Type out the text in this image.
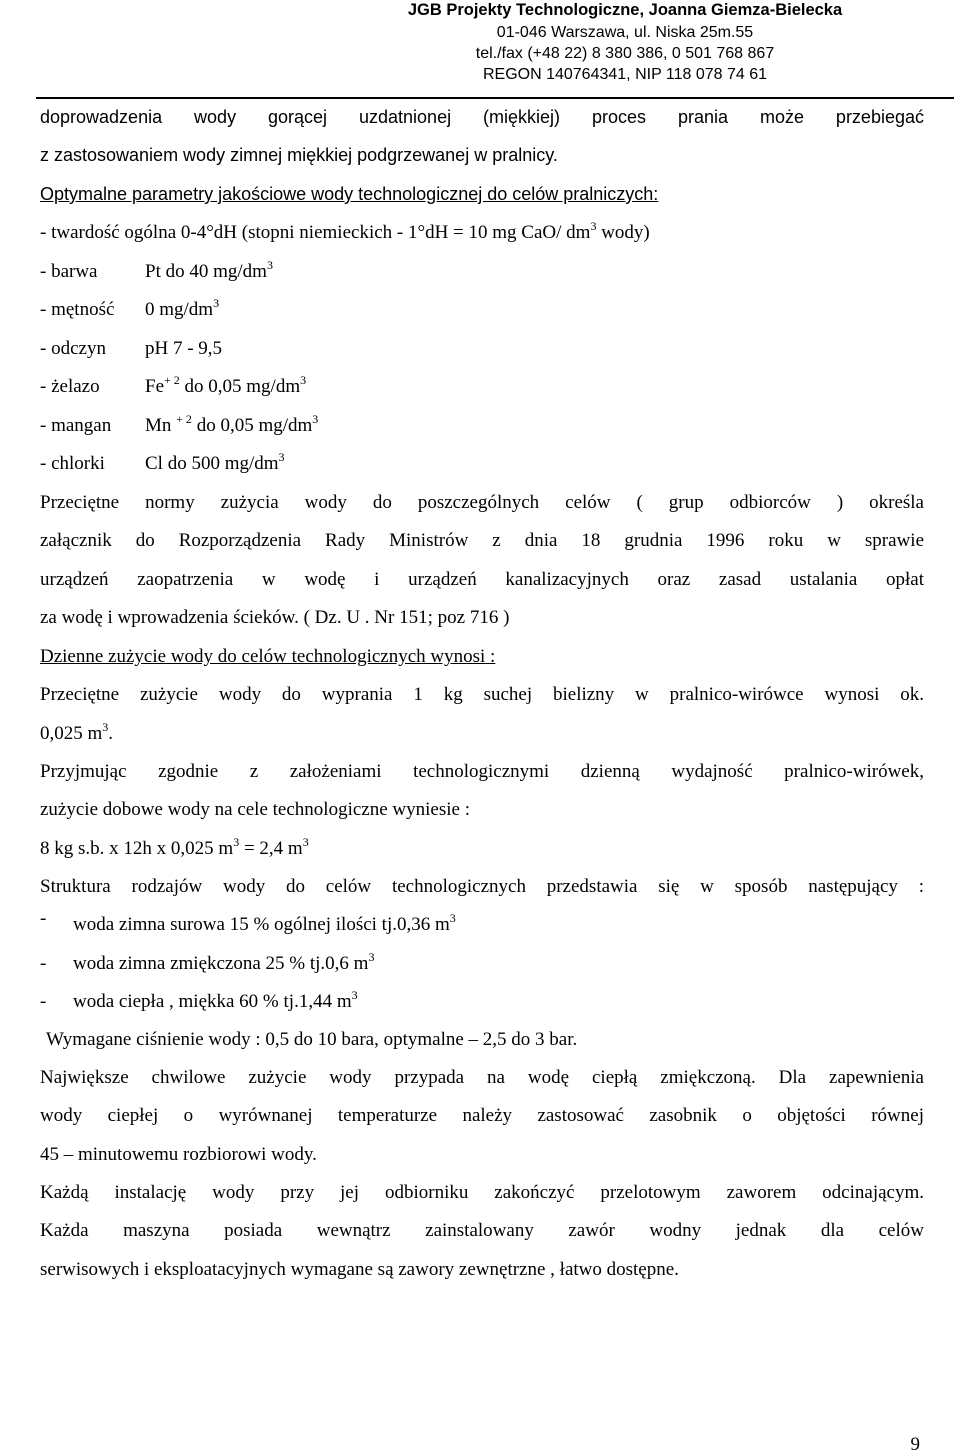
JGB Projekty Technologiczne, Joanna Giemza-Bielecka
01-046 Warszawa, ul. Niska 25m.55
tel./fax (+48 22) 8 380 386, 0 501 768 867
REGON 140764341, NIP 118 078 74 61
doprowadzenia wody gorącej uzdatnionej (miękkiej) proces prania może przebiegać
z zastosowaniem wody zimnej miękkiej podgrzewanej w pralnicy.
Optymalne parametry jakościowe wody technologicznej do celów pralniczych:
- twardość ogólna 0-4°dH (stopni niemieckich - 1°dH = 10 mg CaO/ $dm^3$ wody)
- barwa	Pt do 40 $mg/dm^3$
- mętność 0 $mg/dm^3$
- odczyn pH 7 - 9,5
- żelazo $Fe^{+ 2}$ do 0,05 $mg/dm^3$
- mangan Mn $^{+ 2}$ do 0,05 $mg/dm^3$
- chlorki Cl do 500 $mg/dm^3$
Przeciętne normy zużycia wody do poszczególnych celów ( grup odbiorców ) określa
załącznik do Rozporządzenia Rady Ministrów z dnia 18 grudnia 1996 roku w sprawie
urządzeń zaopatrzenia w wodę i urządzeń kanalizacyjnych oraz zasad ustalania opłat
za wodę i wprowadzenia ścieków. ( Dz. U . Nr 151; poz 716 )
Dzienne zużycie wody do celów technologicznych wynosi :
Przeciętne zużycie wody do wyprania 1 kg suchej bielizny w pralnico-wirówce wynosi ok.
0,025 $m^3$.
Przyjmując zgodnie z założeniami technologicznymi dzienną wydajność pralnico-wirówek,
zużycie dobowe wody na cele technologiczne wyniesie :
8 kg s.b. x 12h x 0,025 $m^3 = 2,4$ $m^3$
Struktura rodzajów wody do celów technologicznych przedstawia się w sposób następujący :
- woda zimna surowa 15 % ogólnej ilości tj.0,36 $m^3$
- woda zimna zmiękczona 25 % tj.0,6 $m^3$
- woda ciepła , miękka 60 % tj.1,44 $m^3$
Wymagane ciśnienie wody : 0,5 do 10 bara, optymalne – 2,5 do 3 bar.
Największe chwilowe zużycie wody przypada na wodę ciepłą zmiękczoną. Dla zapewnienia
wody ciepłej o wyrównanej temperaturze należy zastosować zasobnik o objętości równej
45 – minutowemu rozbiorowi wody.
Każdą instalację wody przy jej odbiorniku zakończyć przelotowym zaworem odcinającym.
Każda maszyna posiada wewnątrz zainstalowany zawór wodny jednak dla celów
serwisowych i eksploatacyjnych wymagane są zawory zewnętrzne , łatwo dostępne.
9
